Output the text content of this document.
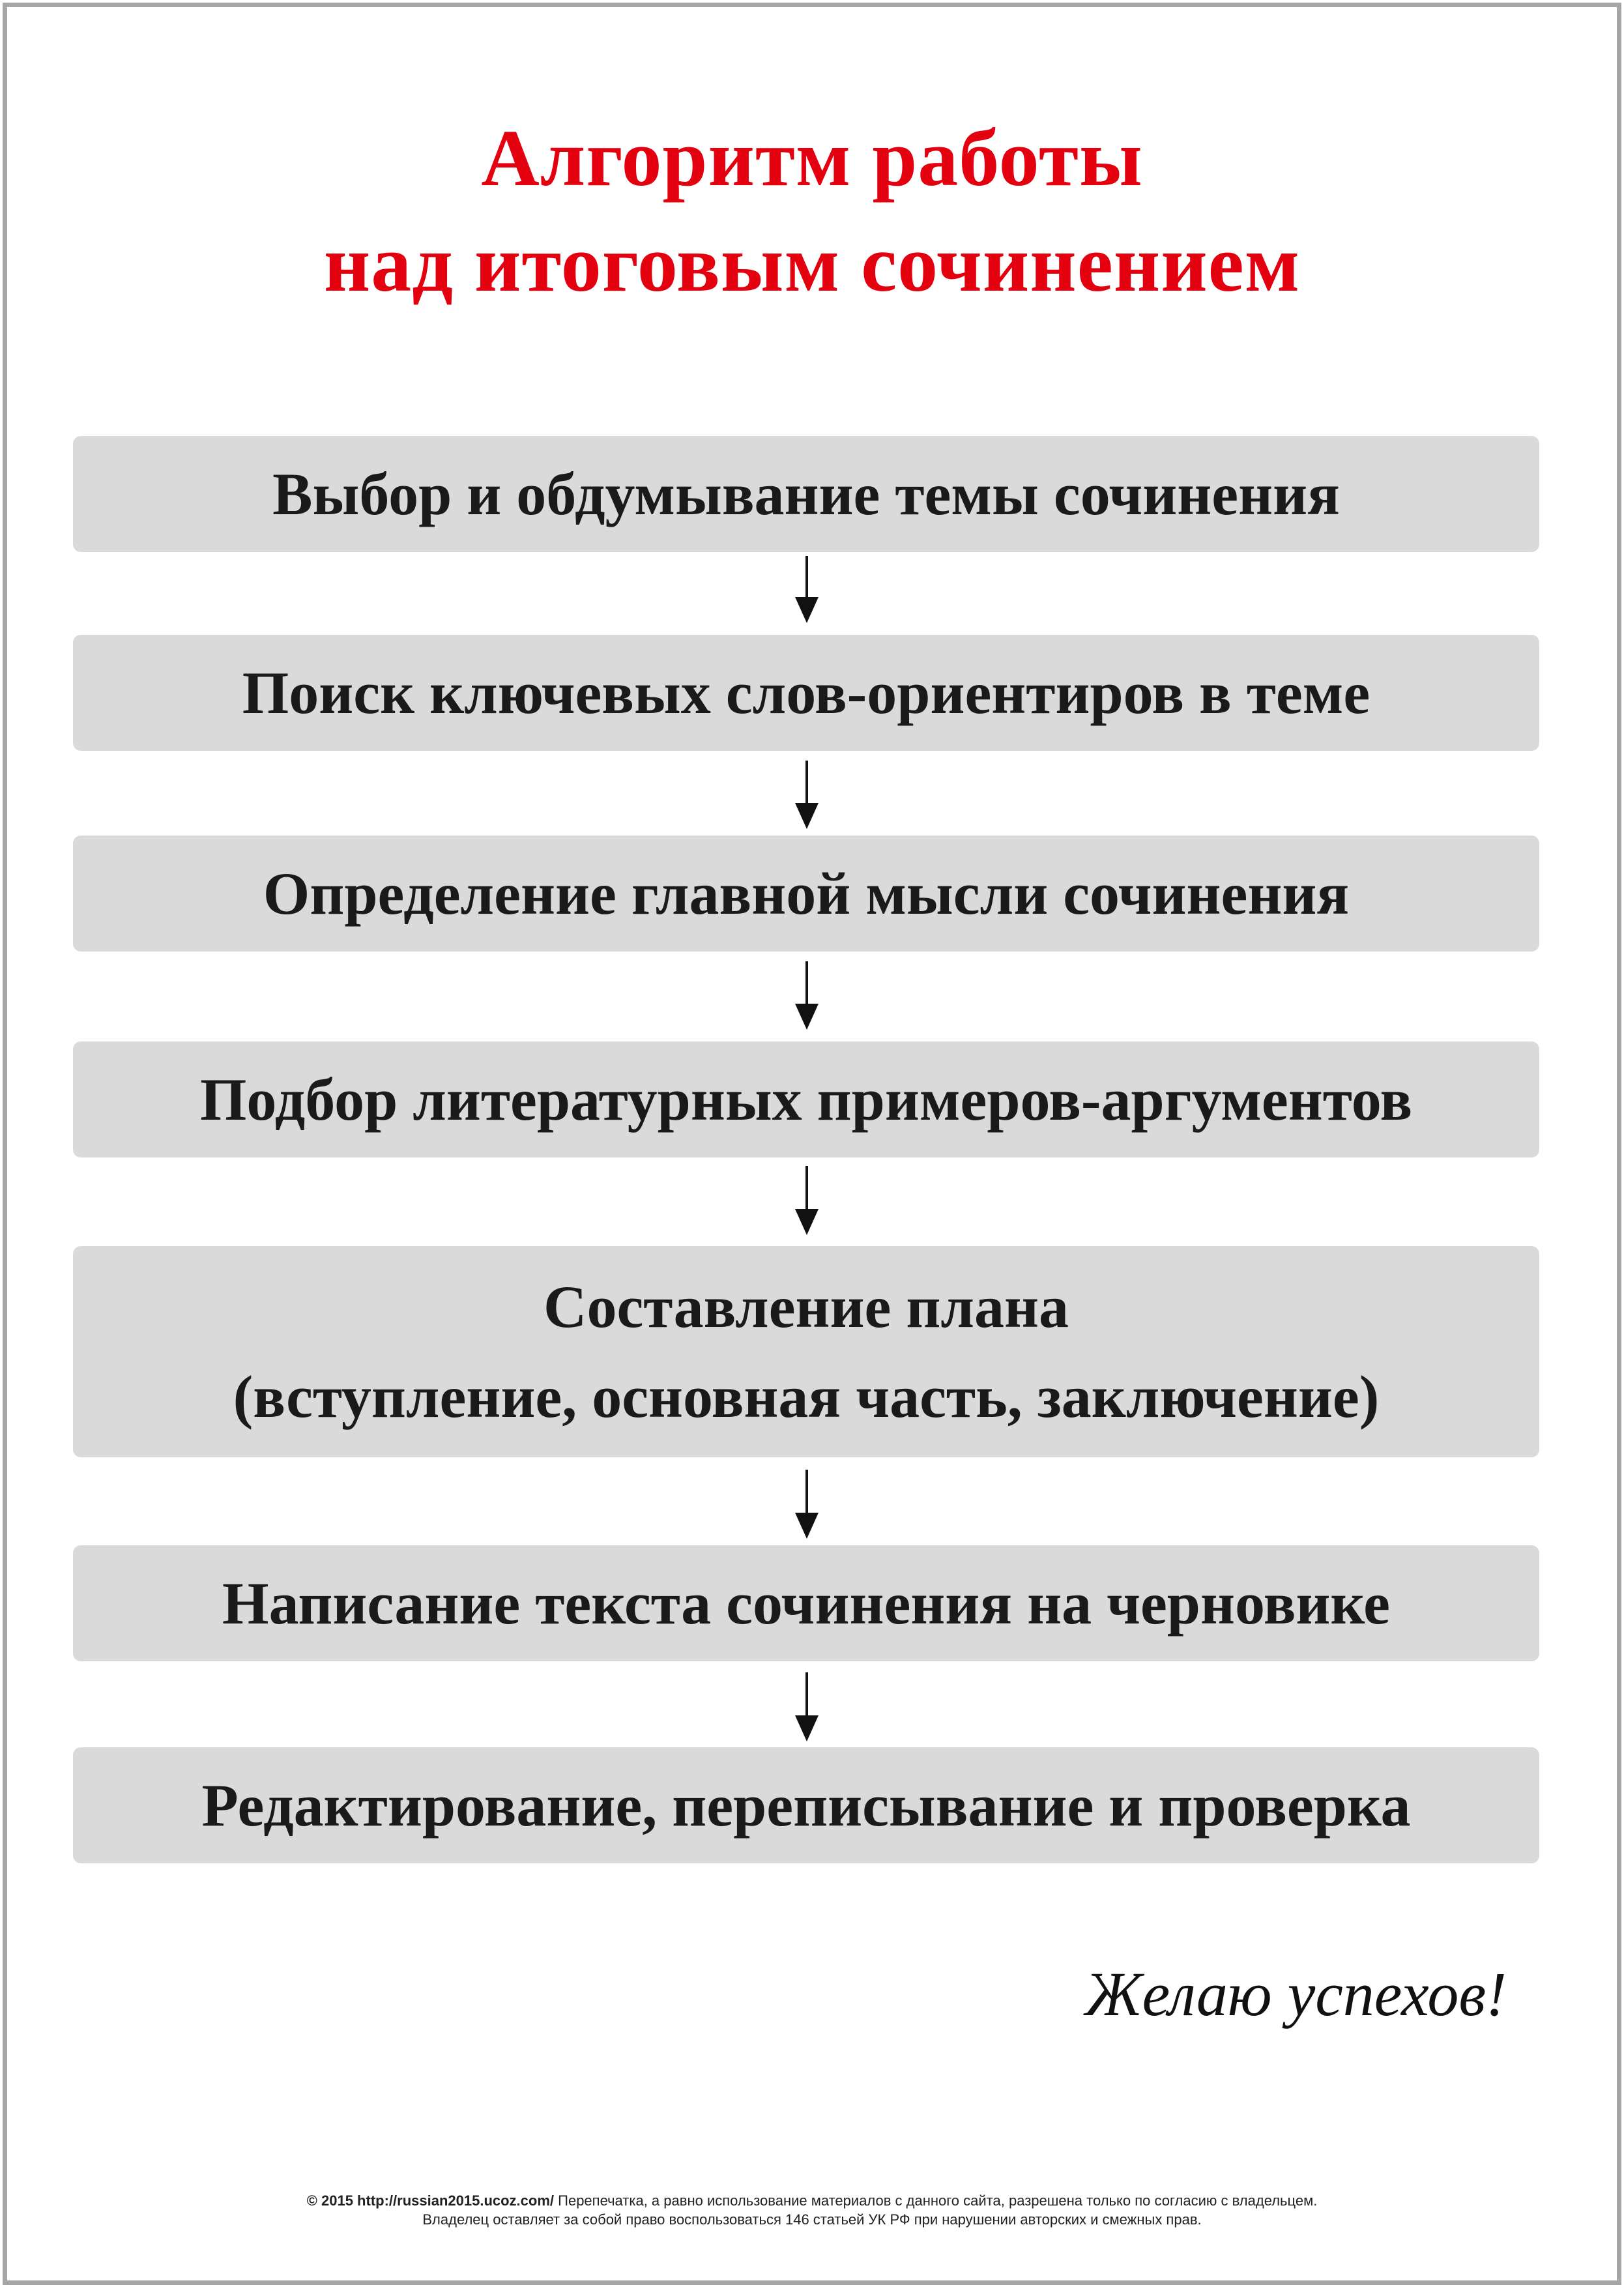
Алгоритм работы
над итоговым сочинением
Выбор и обдумывание темы сочинения
Поиск ключевых слов-ориентиров в теме
Определение главной мысли сочинения
Подбор литературных примеров-аргументов
Составление плана
(вступление, основная часть, заключение)
Написание текста сочинения на черновике
Редактирование, переписывание и проверка
Желаю успехов!
© 2015 http://russian2015.ucoz.com/ Перепечатка, а равно использование материалов с данного сайта, разрешена только по согласию с владельцем.
Владелец оставляет за собой право воспользоваться 146 статьей УК РФ при нарушении авторских и смежных прав.
